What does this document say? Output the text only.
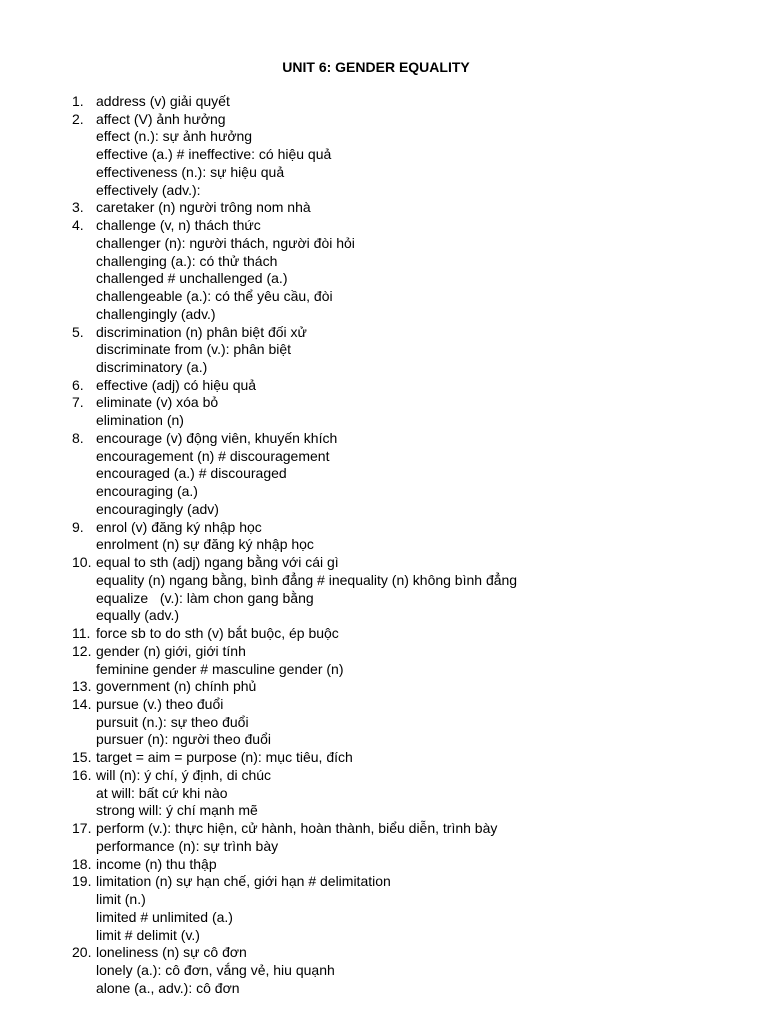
UNIT 6: GENDER EQUALITY
1. address (v) giải quyết
2. affect (V) ảnh hưởng
effect (n.): sự ảnh hưởng
effective (a.) # ineffective: có hiệu quả
effectiveness (n.): sự hiệu quả
effectively (adv.):
3. caretaker (n) người trông nom nhà
4. challenge (v, n) thách thức
challenger (n): người thách, người đòi hỏi
challenging (a.): có thử thách
challenged # unchallenged (a.)
challengeable (a.): có thể yêu cầu, đòi
challengingly (adv.)
5. discrimination (n) phân biệt đối xử
discriminate from (v.): phân biệt
discriminatory (a.)
6. effective (adj) có hiệu quả
7. eliminate (v) xóa bỏ
elimination (n)
8. encourage (v) động viên, khuyến khích
encouragement (n) # discouragement
encouraged (a.) # discouraged
encouraging (a.)
encouragingly (adv)
9. enrol (v) đăng ký nhập học
enrolment (n) sự đăng ký nhập học
10. equal to sth (adj) ngang bằng với cái gì
equality (n) ngang bằng, bình đẳng # inequality (n) không bình đẳng
equalize   (v.): làm chon gang bằng
equally (adv.)
11. force sb to do sth (v) bắt buộc, ép buộc
12. gender (n) giới, giới tính
feminine gender # masculine gender (n)
13. government (n) chính phủ
14. pursue (v.) theo đuổi
pursuit (n.): sự theo đuổi
pursuer (n): người theo đuổi
15. target = aim = purpose (n): mục tiêu, đích
16. will (n): ý chí, ý định, di chúc
at will: bất cứ khi nào
strong will: ý chí mạnh mẽ
17. perform (v.): thực hiện, cử hành, hoàn thành, biểu diễn, trình bày
performance (n): sự trình bày
18. income (n) thu thập
19. limitation (n) sự hạn chế, giới hạn # delimitation
limit (n.)
limited # unlimited (a.)
limit # delimit (v.)
20. loneliness (n) sự cô đơn
lonely (a.): cô đơn, vắng vẻ, hiu quạnh
alone (a., adv.): cô đơn
